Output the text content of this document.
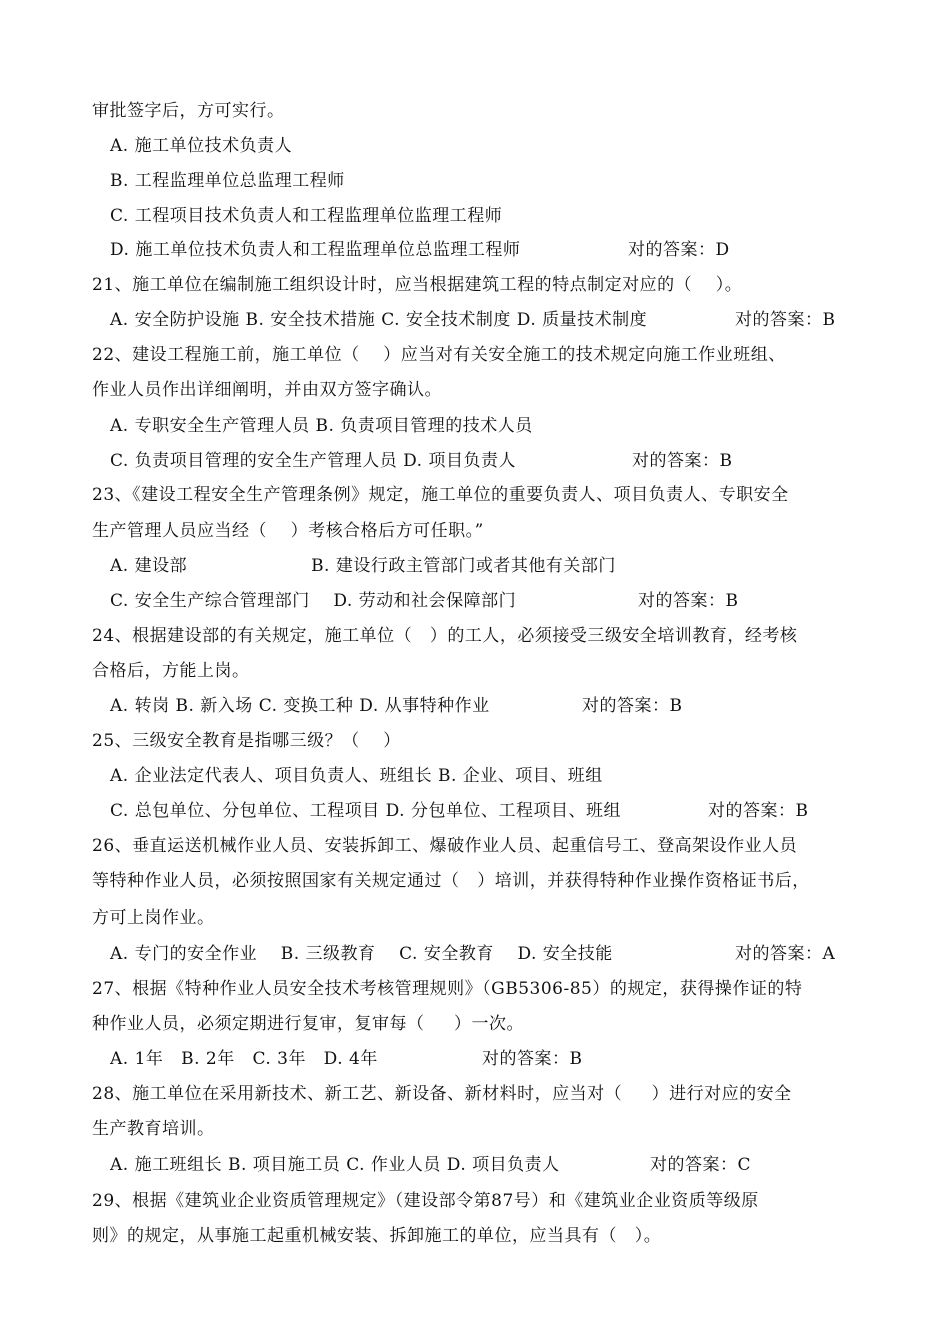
审批签字后，方可实行。
A. 施工单位技术负责人
B. 工程监理单位总监理工程师
C. 工程项目技术负责人和工程监理单位监理工程师
D. 施工单位技术负责人和工程监理单位总监理工程师	对的答案：D
21、施工单位在编制施工组织设计时，应当根据建筑工程的特点制定对应的（    ）。
A. 安全防护设施 B. 安全技术措施 C. 安全技术制度 D. 质量技术制度	对的答案：B
22、建设工程施工前，施工单位（    ）应当对有关安全施工的技术规定向施工作业班组、
作业人员作出详细阐明，并由双方签字确认。
A. 专职安全生产管理人员 B. 负责项目管理的技术人员
C. 负责项目管理的安全生产管理人员 D. 项目负责人	对的答案：B
23、《建设工程安全生产管理条例》规定，施工单位的重要负责人、项目负责人、专职安全
生产管理人员应当经（    ）考核合格后方可任职。”
A. 建设部                     B. 建设行政主管部门或者其他有关部门
C. 安全生产综合管理部门    D. 劳动和社会保障部门	对的答案：B
24、根据建设部的有关规定，施工单位（   ）的工人，必须接受三级安全培训教育，经考核
合格后，方能上岗。
A. 转岗 B. 新入场 C. 变换工种 D. 从事特种作业	对的答案：B
25、三级安全教育是指哪三级？（    ）
A. 企业法定代表人、项目负责人、班组长 B. 企业、项目、班组
C. 总包单位、分包单位、工程项目 D. 分包单位、工程项目、班组	对的答案：B
26、垂直运送机械作业人员、安装拆卸工、爆破作业人员、起重信号工、登高架设作业人员
等特种作业人员，必须按照国家有关规定通过（   ）培训，并获得特种作业操作资格证书后，
方可上岗作业。
A. 专门的安全作业    B. 三级教育    C. 安全教育    D. 安全技能	对的答案：A
27、根据《特种作业人员安全技术考核管理规则》（GB5306-85）的规定，获得操作证的特
种作业人员，必须定期进行复审，复审每（     ）一次。
A. 1年   B. 2年   C. 3年   D. 4年	对的答案：B
28、施工单位在采用新技术、新工艺、新设备、新材料时，应当对（     ）进行对应的安全
生产教育培训。
A. 施工班组长 B. 项目施工员 C. 作业人员 D. 项目负责人	对的答案：C
29、根据《建筑业企业资质管理规定》（建设部令第87号）和《建筑业企业资质等级原
则》的规定，从事施工起重机械安装、拆卸施工的单位，应当具有（   ）。
